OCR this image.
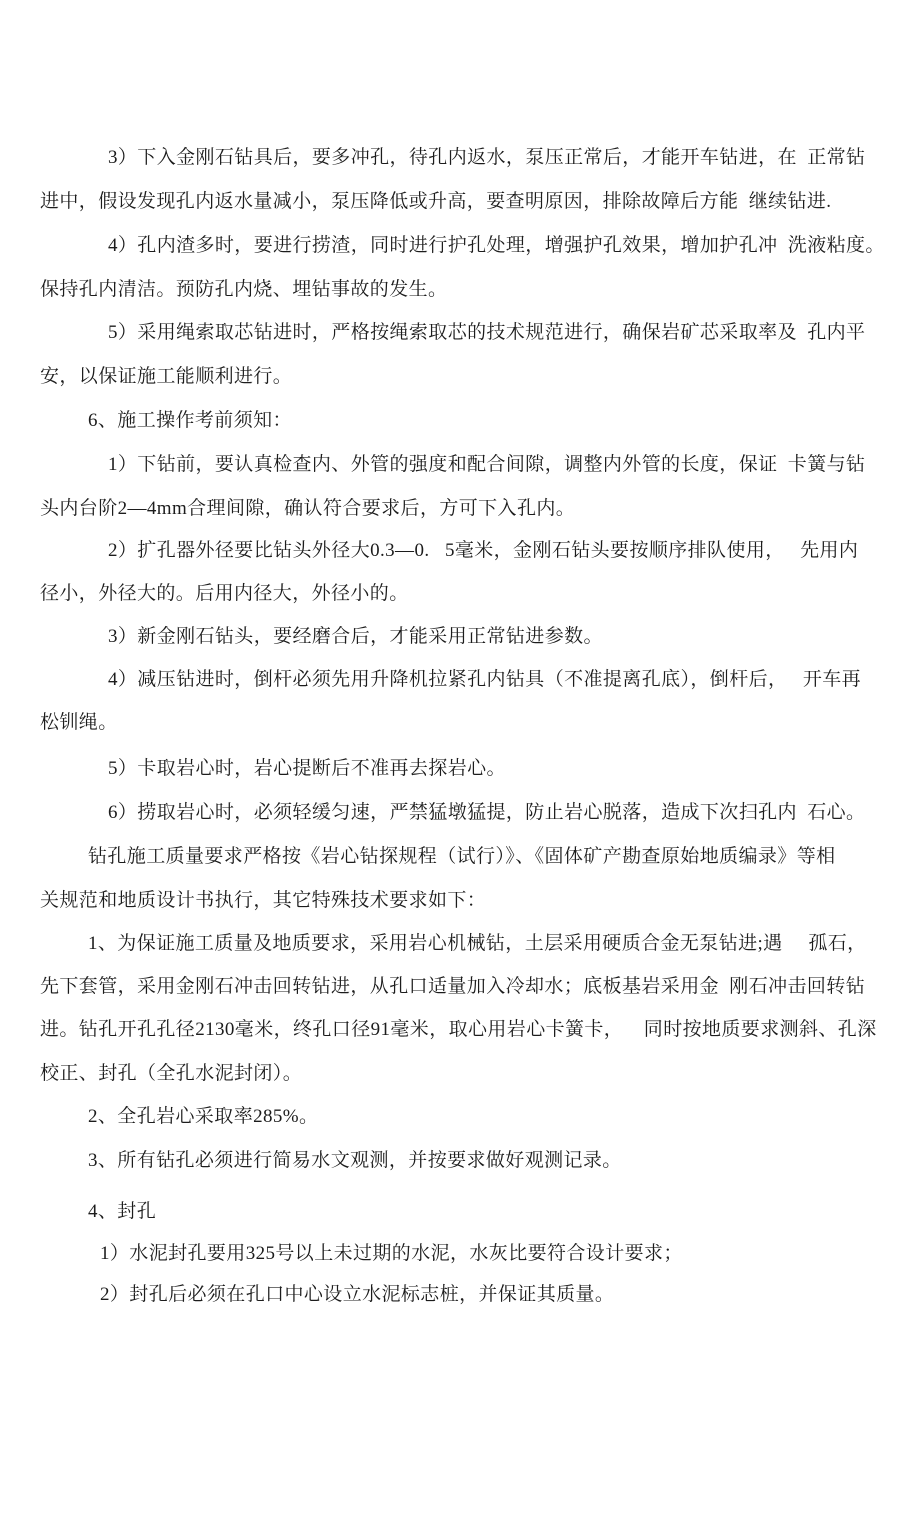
3）下入金刚石钻具后，要多冲孔，待孔内返水，泵压正常后，才能开车钻进，在  正常钻
进中，假设发现孔内返水量减小，泵压降低或升高，要查明原因，排除故障后方能  继续钻进.
4）孔内渣多时，要进行捞渣，同时进行护孔处理，增强护孔效果，增加护孔冲  洗液粘度。
保持孔内清洁。预防孔内烧、埋钻事故的发生。
5）采用绳索取芯钻进时，严格按绳索取芯的技术规范进行，确保岩矿芯采取率及  孔内平
安，以保证施工能顺利进行。
6、施工操作考前须知：
1）下钻前，要认真检查内、外管的强度和配合间隙，调整内外管的长度，保证  卡簧与钻
头内台阶2—4mm合理间隙，确认符合要求后，方可下入孔内。
2）扩孔器外径要比钻头外径大0.3—0.   5毫米，金刚石钻头要按顺序排队使用，   先用内
径小，外径大的。后用内径大，外径小的。
3）新金刚石钻头，要经磨合后，才能采用正常钻进参数。
4）减压钻进时，倒杆必须先用升降机拉紧孔内钻具（不准提离孔底），倒杆后，   开车再
松钏绳。
5）卡取岩心时，岩心提断后不准再去探岩心。
6）捞取岩心时，必须轻缓匀速，严禁猛墩猛提，防止岩心脱落，造成下次扫孔内  石心。
钻孔施工质量要求严格按《岩心钻探规程（试行）》、《固体矿产勘查原始地质编录》等相
关规范和地质设计书执行，其它特殊技术要求如下：
1、为保证施工质量及地质要求，采用岩心机械钻，土层采用硬质合金无泵钻进;遇     孤石，
先下套管，采用金刚石冲击回转钻进，从孔口适量加入冷却水；底板基岩采用金  刚石冲击回转钻
进。钻孔开孔孔径2130毫米，终孔口径91毫米，取心用岩心卡簧卡，    同时按地质要求测斜、孔深
校正、封孔（全孔水泥封闭）。
2、全孔岩心采取率285%。
3、所有钻孔必须进行简易水文观测，并按要求做好观测记录。
4、封孔
1）水泥封孔要用325号以上未过期的水泥，水灰比要符合设计要求；
2）封孔后必须在孔口中心设立水泥标志桩，并保证其质量。
